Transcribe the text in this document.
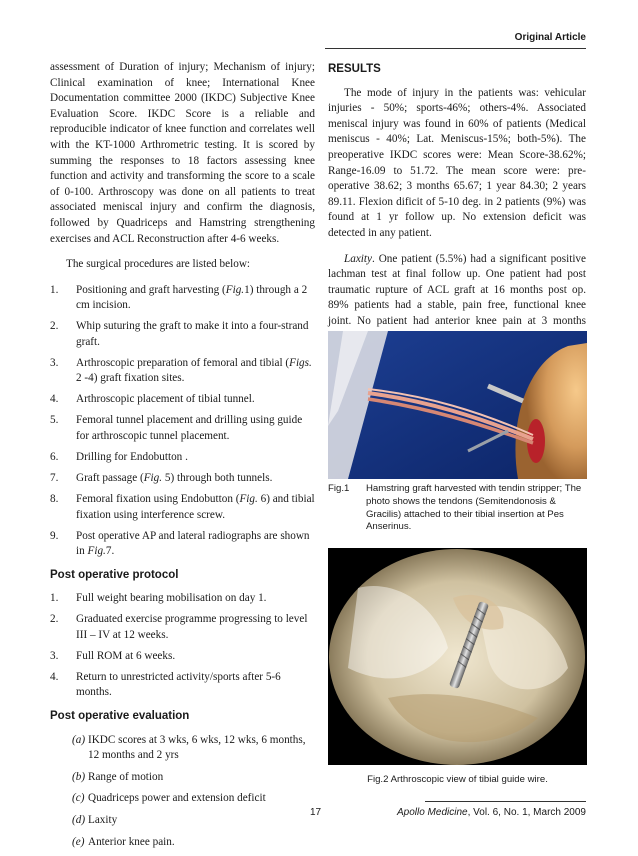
Original Article

assessment of Duration of injury; Mechanism of injury; Clinical examination of knee; International Knee Documentation committee 2000 (IKDC) Subjective Knee Evaluation Score. IKDC Score is a reliable and reproducible indicator of knee function and correlates well with the KT-1000 Arthrometric testing. It is scored by summing the responses to 18 factors assessing knee function and activity and transforming the score to a scale of 0-100. Arthroscopy was done on all patients to treat associated meniscal injury and confirm the diagnosis, followed by Quadriceps and Hamstring strengthening exercises and ACL Reconstruction after 4-6 weeks.

The surgical procedures are listed below:

1. Positioning and graft harvesting (Fig.1) through a 2 cm incision.
2. Whip suturing the graft to make it into a four-strand graft.
3. Arthroscopic preparation of femoral and tibial (Figs. 2 -4) graft fixation sites.
4. Arthroscopic placement of tibial tunnel.
5. Femoral tunnel placement and drilling using guide for arthroscopic tunnel placement.
6. Drilling for Endobutton .
7. Graft passage (Fig. 5) through both tunnels.
8. Femoral fixation using Endobutton (Fig. 6) and tibial fixation using interference screw.
9. Post operative AP and lateral radiographs are shown in Fig.7.
Post operative protocol
1. Full weight bearing mobilisation on day 1.
2. Graduated exercise programme progressing to level III – IV at 12 weeks.
3. Full ROM at 6 weeks.
4. Return to unrestricted activity/sports after 5-6 months.
Post operative evaluation
(a) IKDC scores at 3 wks, 6 wks, 12 wks, 6 months, 12 months and 2 yrs
(b) Range of motion
(c) Quadriceps power and extension deficit
(d) Laxity
(e) Anterior knee pain.
RESULTS

The mode of injury in the patients was: vehicular injuries - 50%; sports-46%; others-4%. Associated meniscal injury was found in 60% of patients (Medical meniscus - 40%; Lat. Meniscus-15%; both-5%). The preoperative IKDC scores were: Mean Score-38.62%; Range-16.09 to 51.72. The mean score were: pre-operative 38.62; 3 months 65.67; 1 year 84.30; 2 years 89.11. Flexion dificit of 5-10 deg. in 2 patients (9%) was found at 1 yr follow up. No extension deficit was detected in any patient.

Laxity. One patient (5.5%) had a significant positive lachman test at final follow up. One patient had post traumatic rupture of ACL graft at 16 months post op. 89% patients had a stable, pain free, functional knee joint. No patient had anterior knee pain at 3 months

Fig.1	Hamstring graft harvested with tendin stripper; The photo shows the tendons (Semitendonosis & Gracilis) attached to their tibial insertion at Pes Anserinus.
Fig.2 Arthroscopic view of tibial guide wire.
17	Apollo Medicine, Vol. 6, No. 1, March 2009
